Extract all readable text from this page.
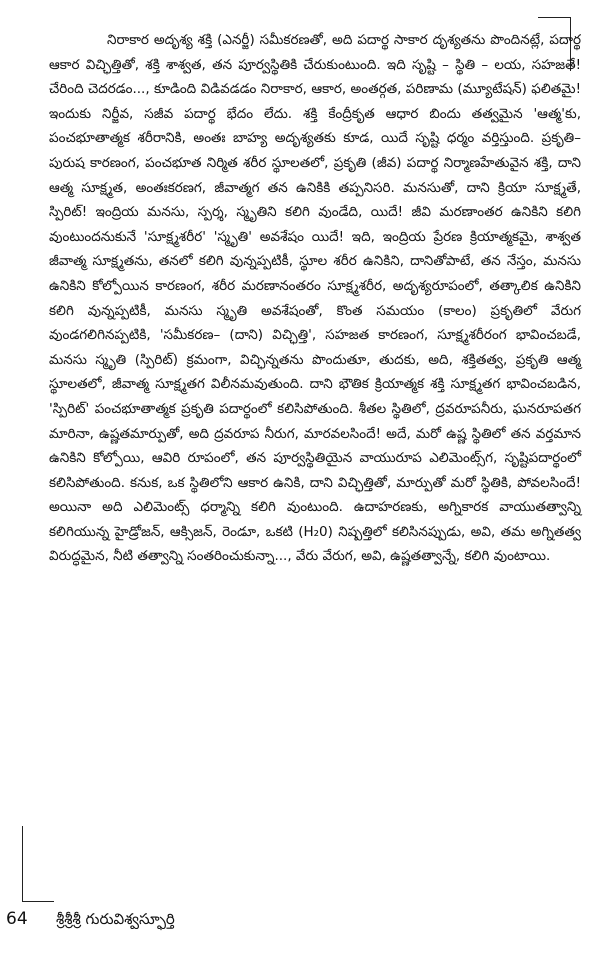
నిరాకార అదృశ్య శక్తి (ఎనర్జీ) సమీకరణతో, అది పదార్థ సాకార దృశ్యతను పొందినట్లే, పదార్థ ఆకార విచ్ఛిత్తితో, శక్తి శాశ్వత, తన పూర్వస్థితికి చేరుకుంటుంది. ఇది సృష్టి – స్థితి – లయ, సహజతే! చేరింది చెదరడం..., కూడింది విడివడడం నిరాకార, ఆకార, అంతర్గత, పరిణామ (మ్యూటేషన్) ఫలితమై! ఇందుకు నిర్జీవ, సజీవ పదార్థ భేదం లేదు. శక్తి కేంద్రీకృత ఆధార బిందు తత్వమైన 'ఆత్మ'కు, పంచభూతాత్మక శరీరానికి, అంతః బాహ్య అదృశ్యతకు కూడ, యిదే సృష్టి ధర్మం వర్తిస్తుంది. ప్రకృతి–పురుష కారణంగ, పంచభూత నిర్మిత శరీర స్థూలతలో, ప్రకృతి (జీవ) పదార్థ నిర్మాణహేతువైన శక్తి, దాని ఆత్మ సూక్ష్మత, అంతఃకరణగ, జీవాత్మగ తన ఉనికికి తప్పనిసరి. మనసుతో, దాని క్రియా సూక్ష్మతే, స్పిరిట్! ఇంద్రియ మనసు, స్పర్శ, స్మృతిని కలిగి వుండేది, యిదే! జీవి మరణాంతర ఉనికిని కలిగి వుంటుందనుకునే 'సూక్ష్మశరీర' 'స్మృతి' అవశేషం యిదే! ఇది, ఇంద్రియ ప్రేరణ క్రియాత్మకమై, శాశ్వత జీవాత్మ సూక్ష్మతను, తనలో కలిగి వున్నప్పటికీ, స్థూల శరీర ఉనికిని, దానితోపాటే, తన నేస్తం, మనసు ఉనికిని కోల్పోయిన కారణంగ, శరీర మరణానంతరం సూక్ష్మశరీర, అదృశ్యరూపంలో, తత్కాలిక ఉనికిని కలిగి వున్నప్పటికీ, మనసు స్మృతి అవశేషంతో, కొంత సమయం (కాలం) ప్రకృతిలో వేరుగ వుండగలిగినప్పటికి, 'సమీకరణ– (దాని) విచ్ఛిత్తి', సహజత కారణంగ, సూక్ష్మశరీరంగ భావించబడే, మనసు స్మృతి (స్పిరిట్) క్రమంగా, విచ్ఛిన్నతను పొందుతూ, తుదకు, అది, శక్తితత్వ, ప్రకృతి ఆత్మ స్థూలతలో, జీవాత్మ సూక్ష్మతగ విలీనమవుతుంది. దాని భౌతిక క్రియాత్మక శక్తి సూక్ష్మతగ భావించబడిన, 'స్పిరిట్' పంచభూతాత్మక ప్రకృతి పదార్థంలో కలిసిపోతుంది. శీతల స్థితిలో, ద్రవరూపనీరు, ఘనరూపతగ మారినా, ఉష్ణతమార్పుతో, అది ద్రవరూప నీరుగ, మారవలసిందే! అదే, మరో ఉష్ణ స్థితిలో తన వర్తమాన ఉనికిని కోల్పోయి, ఆవిరి రూపంలో, తన పూర్వస్థితియైన వాయురూప ఎలిమెంట్స్‌గ, సృష్టిపదార్థంలో కలిసిపోతుంది. కనుక, ఒక స్థితిలోని ఆకార ఉనికి, దాని విచ్ఛిత్తితో, మార్పుతో మరో స్థితికి, పోవలసిందే! అయినా అది ఎలిమెంట్స్ ధర్మాన్ని కలిగి వుంటుంది. ఉదాహరణకు, అగ్నికారక వాయుతత్వాన్ని కలిగియున్న హైడ్రోజన్, ఆక్సిజన్, రెండూ, ఒకటి (H₂0) నిష్పత్తిలో కలిసినప్పుడు, అవి, తమ అగ్నితత్వ విరుద్ధమైన, నీటి తత్వాన్ని సంతరించుకున్నా..., వేరు వేరుగ, అవి, ఉష్ణతత్వాన్నే, కలిగి వుంటాయి.

64 శ్రీశ్రీశ్రీ గురువిశ్వస్ఫూర్తి
